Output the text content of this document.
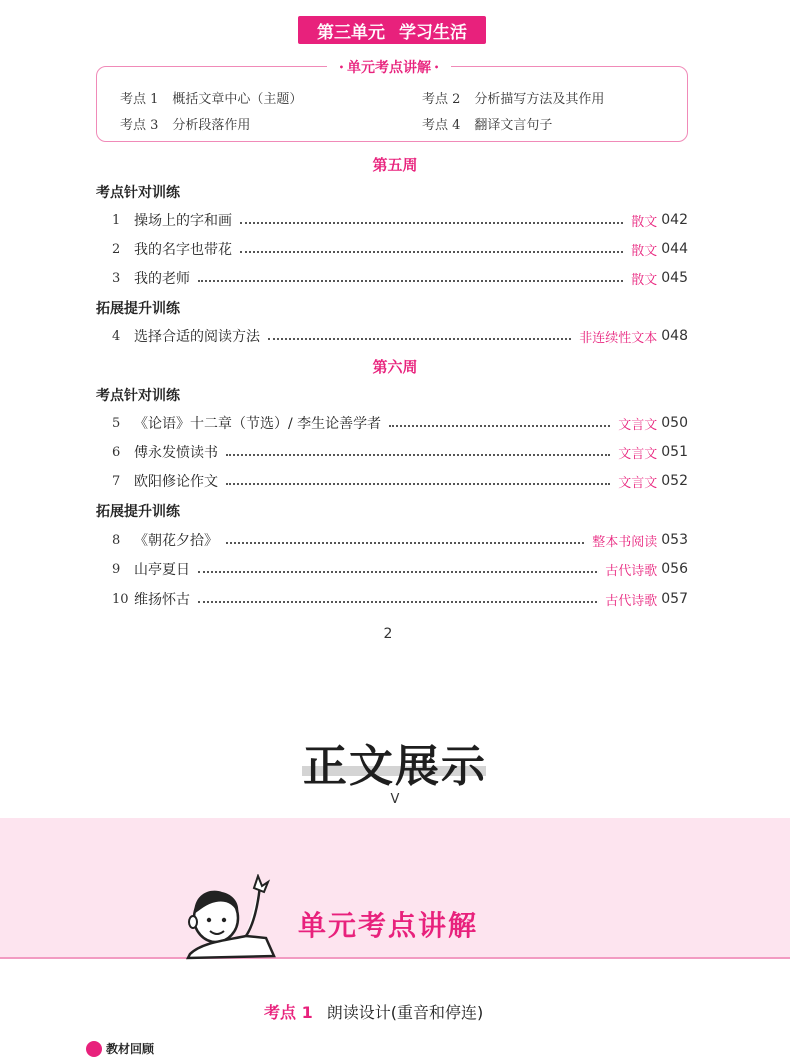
第三单元 学习生活
• 单元考点讲解 •
考点 1 概括文章中心（主题）	考点 2 分析描写方法及其作用
考点 3 分析段落作用	考点 4 翻译文言句子
第五周
考点针对训练
1 操场上的字和画	散文 042
2 我的名字也带花	散文 044
3 我的老师	散文 045
拓展提升训练
4 选择合适的阅读方法	非连续性文本 048
第六周
考点针对训练
5 《论语》十二章（节选）/ 李生论善学者	文言文 050
6 傅永发愤读书	文言文 051
7 欧阳修论作文	文言文 052
拓展提升训练
8 《朝花夕拾》	整本书阅读 053
9 山亭夏日	古代诗歌 056
10 维扬怀古	古代诗歌 057
2
正文展示
V
单元考点讲解
考点 1 朗读设计(重音和停连)
教材回顾
